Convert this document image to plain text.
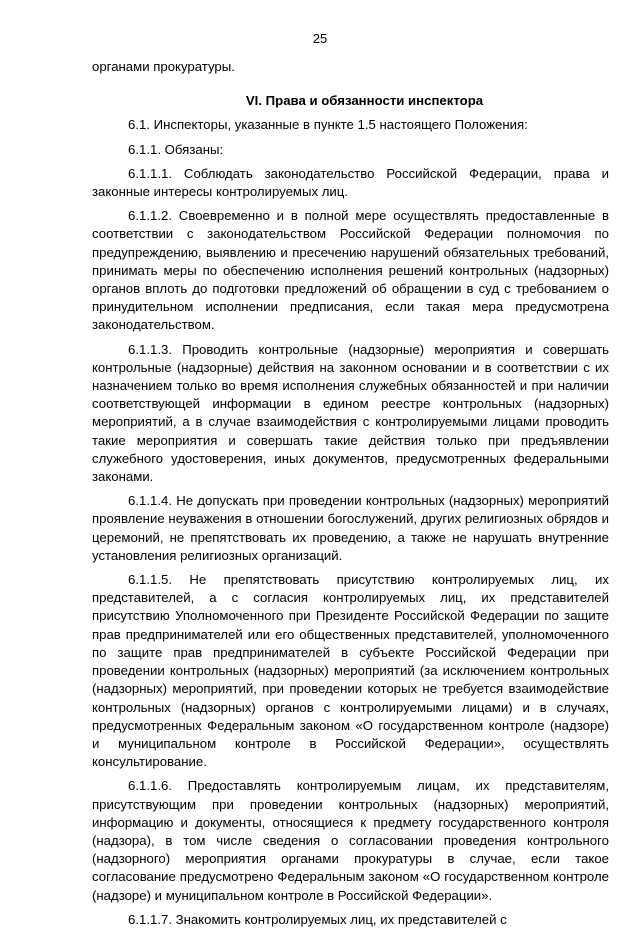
25

органами прокуратуры.

VI. Права и обязанности инспектора

6.1. Инспекторы, указанные в пункте 1.5 настоящего Положения:

6.1.1. Обязаны:

6.1.1.1. Соблюдать законодательство Российской Федерации, права и законные интересы контролируемых лиц.

6.1.1.2. Своевременно и в полной мере осуществлять предоставленные в соответствии с законодательством Российской Федерации полномочия по предупреждению, выявлению и пресечению нарушений обязательных требований, принимать меры по обеспечению исполнения решений контрольных (надзорных) органов вплоть до подготовки предложений об обращении в суд с требованием о принудительном исполнении предписания, если такая мера предусмотрена законодательством.

6.1.1.3. Проводить контрольные (надзорные) мероприятия и совершать контрольные (надзорные) действия на законном основании и в соответствии с их назначением только во время исполнения служебных обязанностей и при наличии соответствующей информации в едином реестре контрольных (надзорных) мероприятий, а в случае взаимодействия с контролируемыми лицами проводить такие мероприятия и совершать такие действия только при предъявлении служебного удостоверения, иных документов, предусмотренных федеральными законами.

6.1.1.4. Не допускать при проведении контрольных (надзорных) мероприятий проявление неуважения в отношении богослужений, других религиозных обрядов и церемоний, не препятствовать их проведению, а также не нарушать внутренние установления религиозных организаций.

6.1.1.5. Не препятствовать присутствию контролируемых лиц, их представителей, а с согласия контролируемых лиц, их представителей присутствию Уполномоченного при Президенте Российской Федерации по защите прав предпринимателей или его общественных представителей, уполномоченного по защите прав предпринимателей в субъекте Российской Федерации при проведении контрольных (надзорных) мероприятий (за исключением контрольных (надзорных) мероприятий, при проведении которых не требуется взаимодействие контрольных (надзорных) органов с контролируемыми лицами) и в случаях, предусмотренных Федеральным законом «О государственном контроле (надзоре) и муниципальном контроле в Российской Федерации», осуществлять консультирование.

6.1.1.6. Предоставлять контролируемым лицам, их представителям, присутствующим при проведении контрольных (надзорных) мероприятий, информацию и документы, относящиеся к предмету государственного контроля (надзора), в том числе сведения о согласовании проведения контрольного (надзорного) мероприятия органами прокуратуры в случае, если такое согласование предусмотрено Федеральным законом «О государственном контроле (надзоре) и муниципальном контроле в Российской Федерации».

6.1.1.7. Знакомить контролируемых лиц, их представителей с
